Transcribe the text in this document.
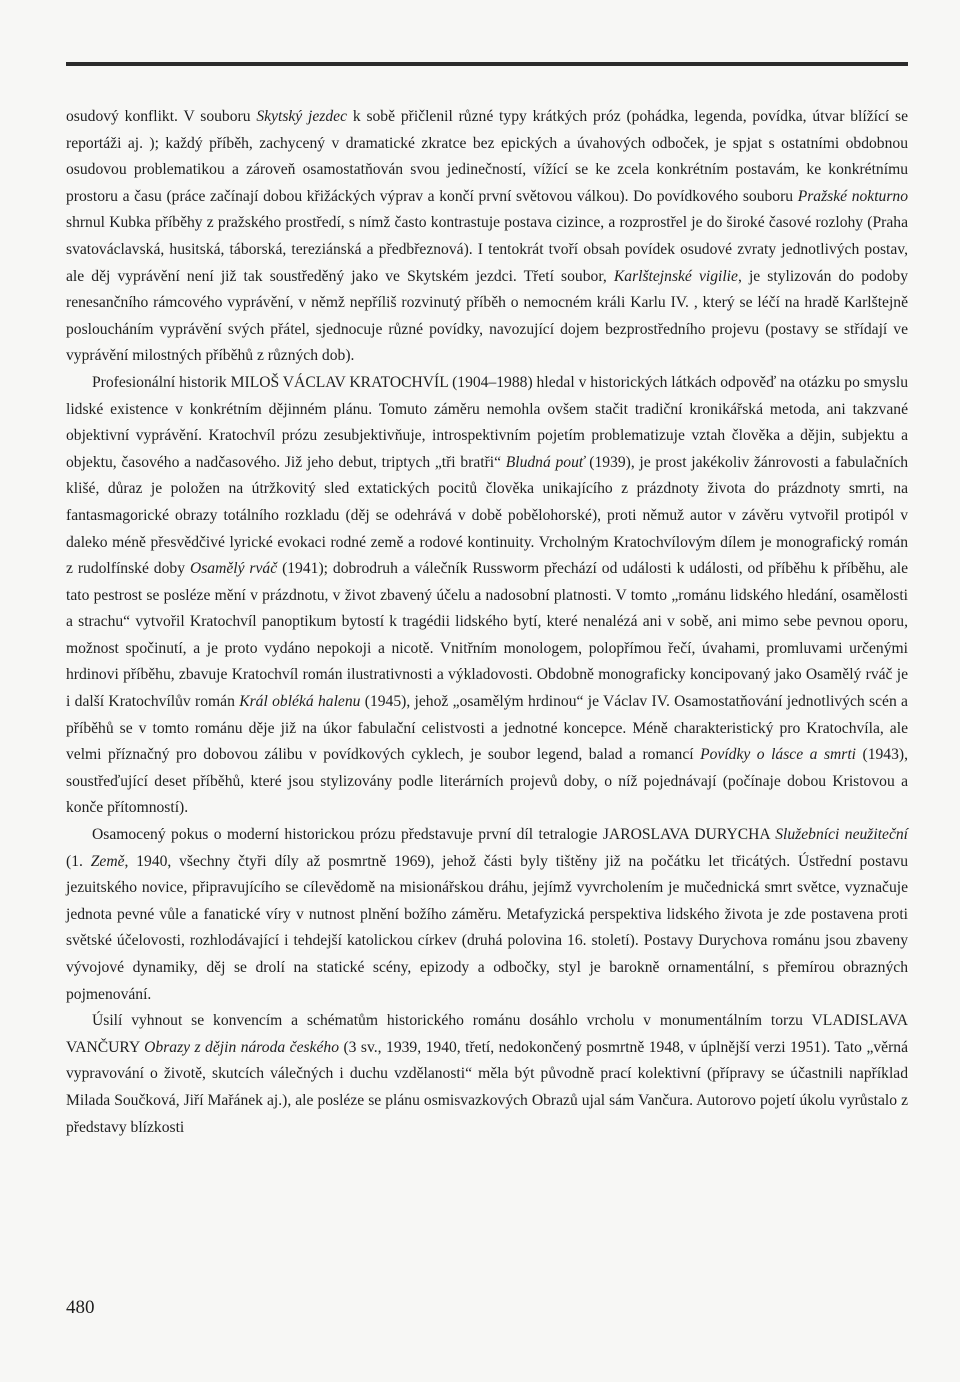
osudový konflikt. V souboru Skytský jezdec k sobě přičlenil různé typy krátkých próz (pohádka, legenda, povídka, útvar blížící se reportáži aj. ); každý příběh, zachycený v dramatické zkratce bez epických a úvahových odboček, je spjat s ostatními obdobnou osudovou problematikou a zároveň osamostatňován svou jedinečností, vížící se ke zcela konkrétním postavám, ke konkrétnímu prostoru a času (práce začínají dobou křižáckých výprav a končí první světovou válkou). Do povídkového souboru Pražské nokturno shrnul Kubka příběhy z pražského prostředí, s nímž často kontrastuje postava cizince, a rozprostřel je do široké časové rozlohy (Praha svatováclavská, husitská, táborská, tereziánská a předbřeznová). I tentokrát tvoří obsah povídek osudové zvraty jednotlivých postav, ale děj vyprávění není již tak soustředěný jako ve Skytském jezdci. Třetí soubor, Karlštejnské vigilie, je stylizován do podoby renesančního rámcového vyprávění, v němž nepříliš rozvinutý příběh o nemocném králi Karlu IV. , který se léčí na hradě Karlštejně posloucháním vyprávění svých přátel, sjednocuje různé povídky, navozující dojem bezprostředního projevu (postavy se střídají ve vyprávění milostných příběhů z různých dob).

Profesionální historik MILOŠ VÁCLAV KRATOCHVÍL (1904–1988) hledal v historických látkách odpověď na otázku po smyslu lidské existence v konkrétním dějinném plánu. Tomuto záměru nemohla ovšem stačit tradiční kronikářská metoda, ani takzvané objektivní vyprávění. Kratochvíl prózu zesubjektivňuje, introspektivním pojetím problematizuje vztah člověka a dějin, subjektu a objektu, časového a nadčasového. Již jeho debut, triptych „tři bratři“ Bludná pouť (1939), je prost jakékoliv žánrovosti a fabulačních klišé, důraz je položen na útržkovitý sled extatických pocitů člověka unikajícího z prázdnoty života do prázdnoty smrti, na fantasmagorické obrazy totálního rozkladu (děj se odehrává v době pobělohorské), proti němuž autor v závěru vytvořil protipól v daleko méně přesvědčivé lyrické evokaci rodné země a rodové kontinuity. Vrcholným Kratochvílovým dílem je monografický román z rudolfínské doby Osamělý rváč (1941); dobrodruh a válečník Russworm přechází od události k události, od příběhu k příběhu, ale tato pestrost se posléze mění v prázdnotu, v život zbavený účelu a nadosobní platnosti. V tomto „románu lidského hledání, osamělosti a strachu“ vytvořil Kratochvíl panoptikum bytostí k tragédii lidského bytí, které nenalézá ani v sobě, ani mimo sebe pevnou oporu, možnost spočinutí, a je proto vydáno nepokoji a nicotě. Vnitřním monologem, polopřímou řečí, úvahami, promluvami určenými hrdinovi příběhu, zbavuje Kratochvíl román ilustrativnosti a výkladovosti. Obdobně monograficky koncipovaný jako Osamělý rváč je i další Kratochvílův román Král obléká halenu (1945), jehož „osamělým hrdinou“ je Václav IV. Osamostatňování jednotlivých scén a příběhů se v tomto románu děje již na úkor fabulační celistvosti a jednotné koncepce. Méně charakteristický pro Kratochvíla, ale velmi příznačný pro dobovou zálibu v povídkových cyklech, je soubor legend, balad a romancí Povídky o lásce a smrti (1943), soustřeďující deset příběhů, které jsou stylizovány podle literárních projevů doby, o níž pojednávají (počínaje dobou Kristovou a konče přítomností).

Osamocený pokus o moderní historickou prózu představuje první díl tetralogie JAROSLAVA DURYCHA Služebníci neužiteční (1. Země, 1940, všechny čtyři díly až posmrtně 1969), jehož části byly tištěny již na počátku let třicátých. Ústřední postavu jezuitského novice, připravujícího se cílevědomě na misionářskou dráhu, jejímž vyvrcholením je mučednická smrt světce, vyznačuje jednota pevné vůle a fanatické víry v nutnost plnění božího záměru. Metafyzická perspektiva lidského života je zde postavena proti světské účelovosti, rozhlodávající i tehdejší katolickou církev (druhá polovina 16. století). Postavy Durychova románu jsou zbaveny vývojové dynamiky, děj se drolí na statické scény, epizody a odbočky, styl je barokně ornamentální, s přemírou obrazných pojmenování.

Úsilí vyhnout se konvencím a schématům historického románu dosáhlo vrcholu v monumentálním torzu VLADISLAVA VANČURY Obrazy z dějin národa českého (3 sv., 1939, 1940, třetí, nedokončený posmrtně 1948, v úplnější verzi 1951). Tato „věrná vypravování o životě, skutcích válečných i duchu vzdělanosti“ měla být původně prací kolektivní (přípravy se účastnili například Milada Součková, Jiří Mařánek aj.), ale posléze se plánu osmisvazkových Obrazů ujal sám Vančura. Autorovo pojetí úkolu vyrůstalo z představy blízkosti

480
